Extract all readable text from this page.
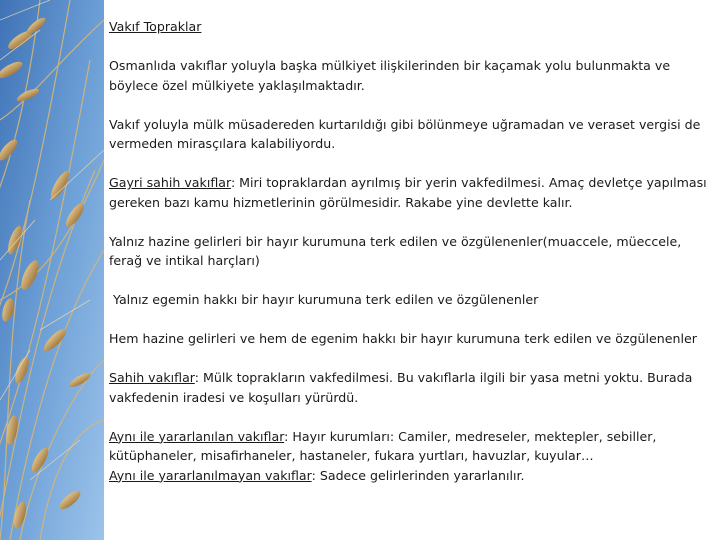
Vakıf Topraklar
Osmanlıda vakıflar yoluyla başka mülkiyet ilişkilerinden bir kaçamak yolu bulunmakta ve böylece özel mülkiyete yaklaşılmaktadır.
Vakıf yoluyla mülk müsadereden kurtarıldığı gibi bölünmeye uğramadan ve veraset vergisi de vermeden mirasçılara kalabiliyordu.
Gayri sahih vakıflar: Miri topraklardan ayrılmış bir yerin vakfedilmesi. Amaç devletçe yapılması gereken bazı kamu hizmetlerinin görülmesidir. Rakabe yine devlette kalır.
Yalnız hazine gelirleri bir hayır kurumuna terk edilen ve özgülenenler(muaccele, müeccele, ferağ ve intikal harçları)
Yalnız egemin hakkı bir hayır kurumuna terk edilen ve özgülenenler
Hem hazine gelirleri ve hem de egenim hakkı bir hayır kurumuna terk edilen ve özgülenenler
Sahih vakıflar: Mülk toprakların vakfedilmesi. Bu vakıflarla ilgili bir yasa metni yoktu. Burada vakfedenin iradesi ve koşulları yürürdü.
Aynı ile yararlanılan vakıflar: Hayır kurumları: Camiler, medreseler, mektepler, sebiller, kütüphaneler, misafirhaneler, hastaneler, fukara yurtları, havuzlar, kuyular…
Aynı ile yararlanılmayan vakıflar: Sadece gelirlerinden yararlanılır.
